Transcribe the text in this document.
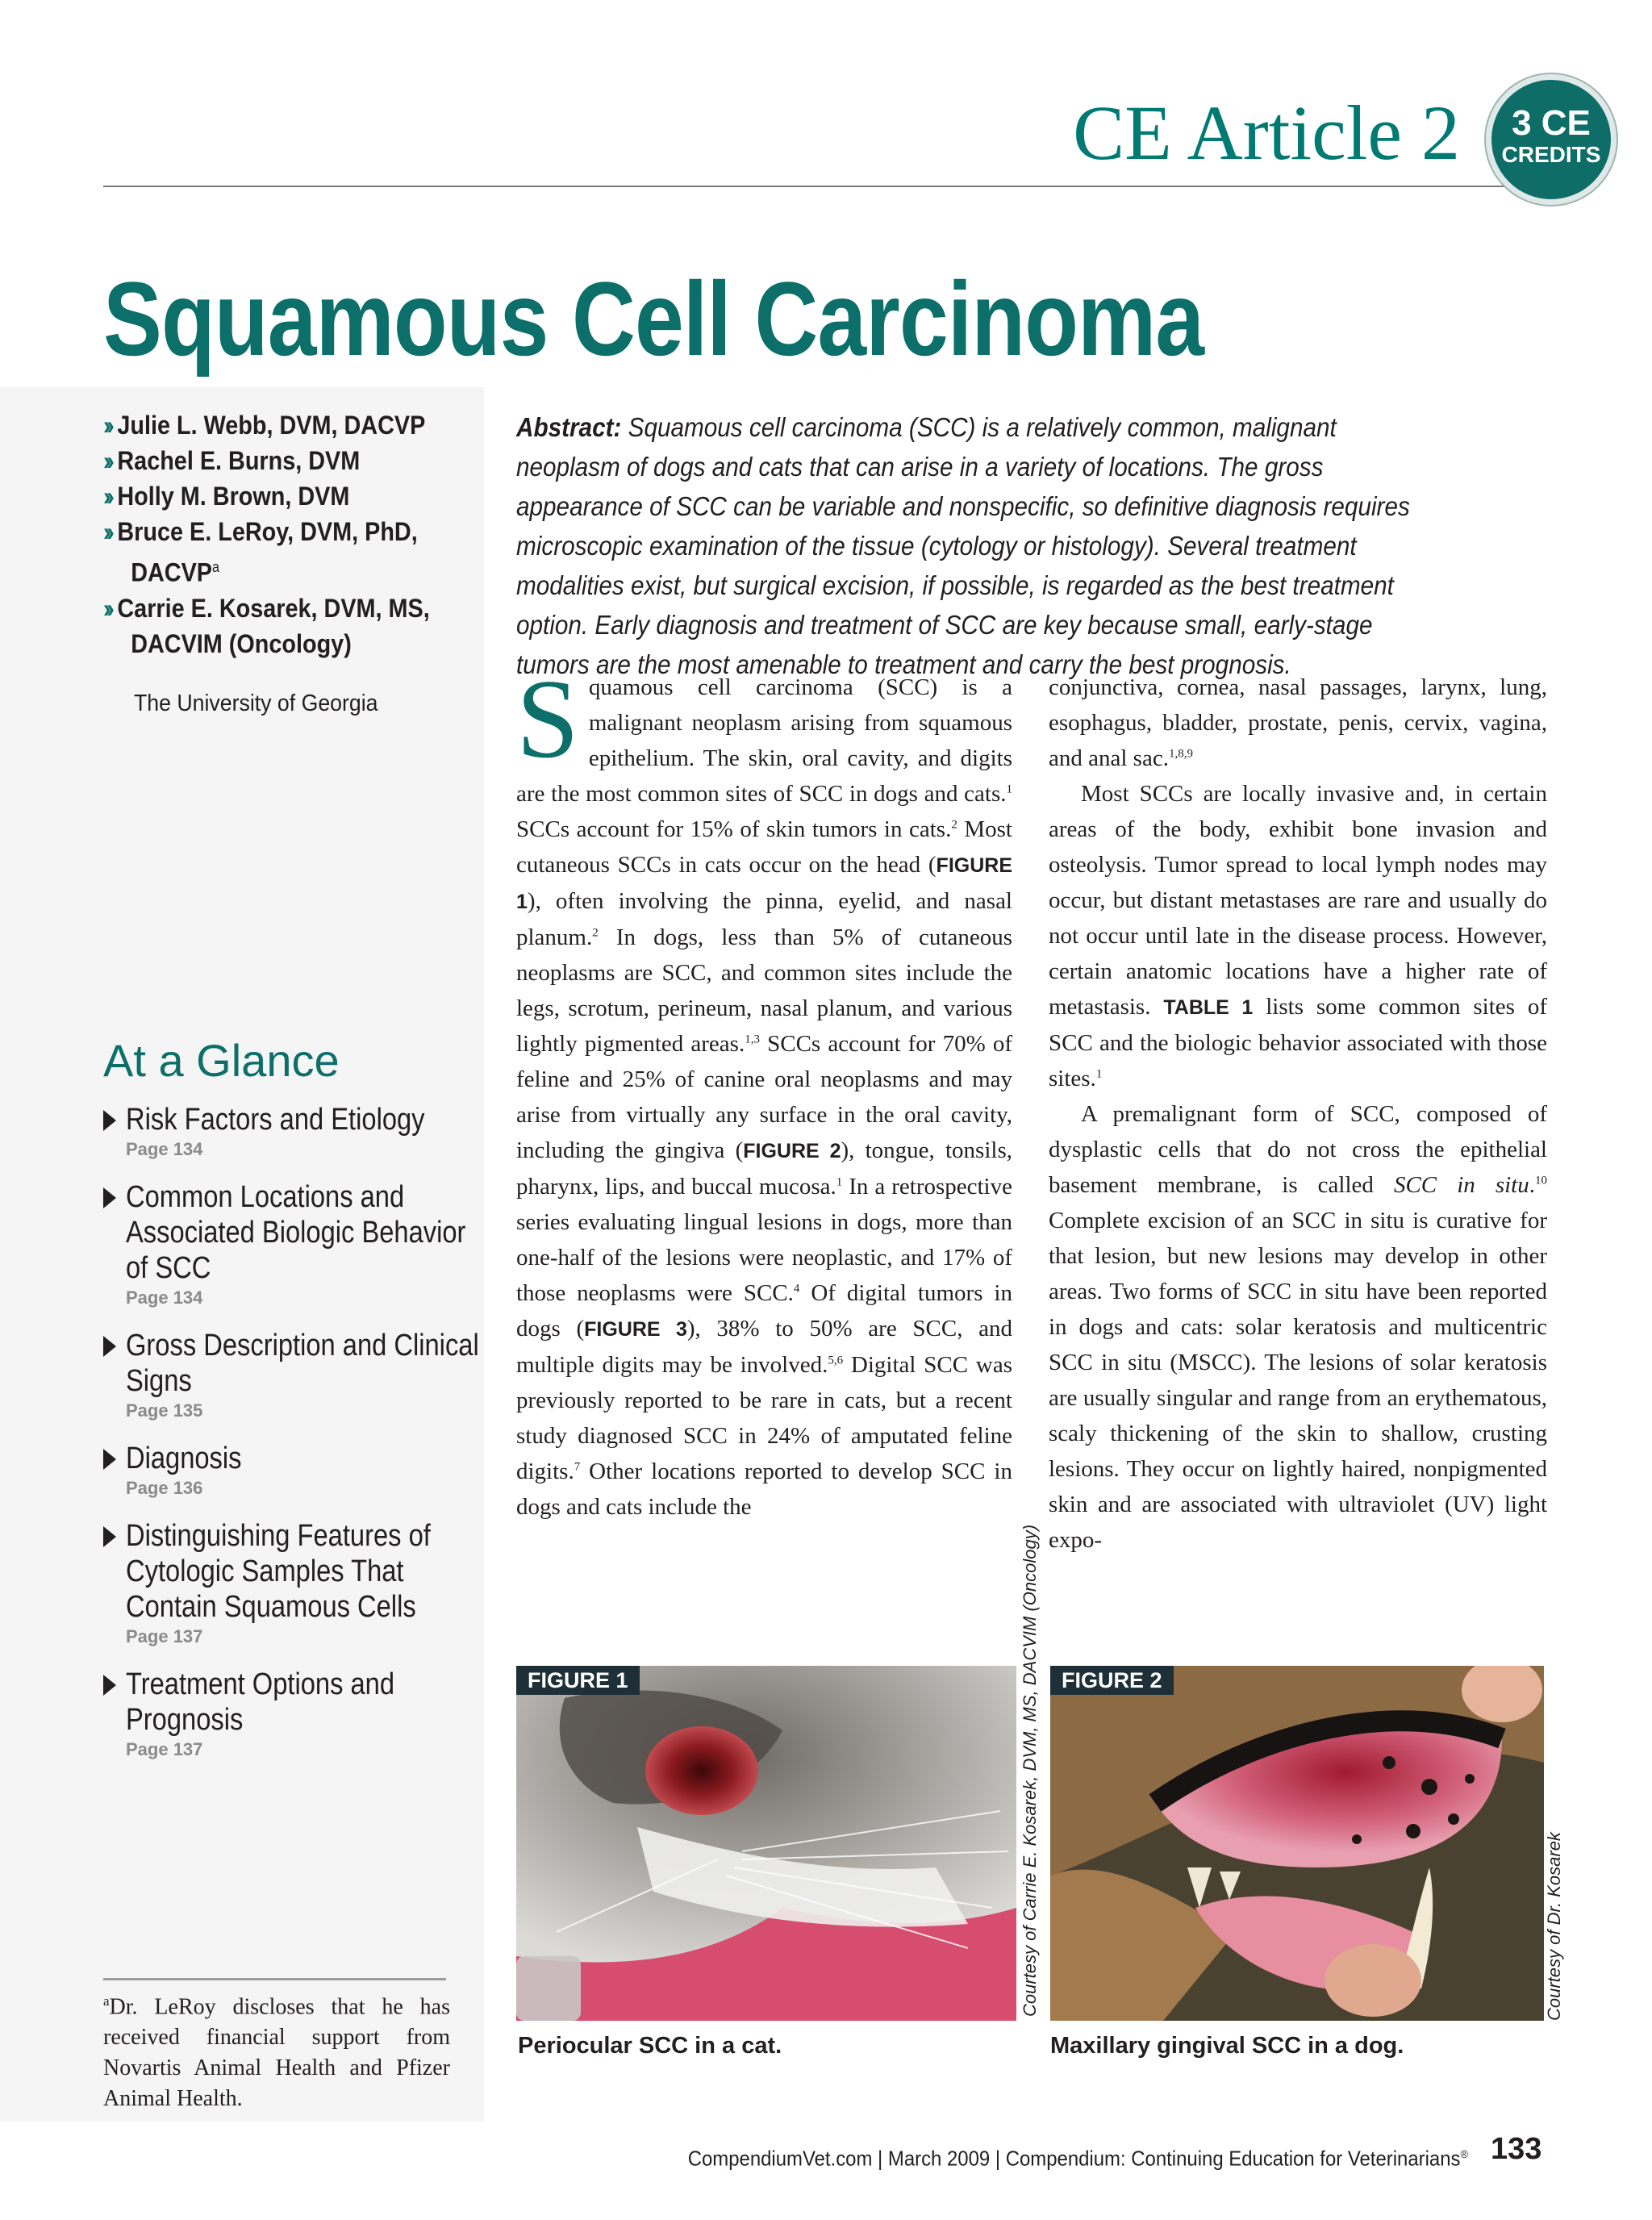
CE Article 2	3 CE
CREDITS
Squamous Cell Carcinoma
›› Julie L. Webb, DVM, DACVP
›› Rachel E. Burns, DVM
›› Holly M. Brown, DVM
›› Bruce E. LeRoy, DVM, PhD, DACVP$^a$
›› Carrie E. Kosarek, DVM, MS, DACVIM (Oncology)
The University of Georgia
At a Glance
Risk Factors and Etiology
Page 134
Common Locations and Associated Biologic Behavior of SCC
Page 134
Gross Description and Clinical Signs
Page 135
Diagnosis
Page 136
Distinguishing Features of Cytologic Samples That Contain Squamous Cells
Page 137
Treatment Options and Prognosis
Page 137
$^a$Dr. LeRoy discloses that he has received financial support from Novartis Animal Health and Pfizer Animal Health.
Abstract: Squamous cell carcinoma (SCC) is a relatively common, malignant neoplasm of dogs and cats that can arise in a variety of locations. The gross appearance of SCC can be variable and nonspecific, so definitive diagnosis requires microscopic examination of the tissue (cytology or histology). Several treatment modalities exist, but surgical excision, if possible, is regarded as the best treatment option. Early diagnosis and treatment of SCC are key because small, early-stage tumors are the most amenable to treatment and carry the best prognosis.
Squamous cell carcinoma (SCC) is a malignant neoplasm arising from squamous epithelium. The skin, oral cavity, and digits are the most common sites of SCC in dogs and cats.$^1$ SCCs account for 15% of skin tumors in cats.$^2$ Most cutaneous SCCs in cats occur on the head (FIGURE 1), often involving the pinna, eyelid, and nasal planum.$^2$ In dogs, less than 5% of cutaneous neoplasms are SCC, and common sites include the legs, scrotum, perineum, nasal planum, and various lightly pigmented areas.$^{1,3}$ SCCs account for 70% of feline and 25% of canine oral neoplasms and may arise from virtually any surface in the oral cavity, including the gingiva (FIGURE 2), tongue, tonsils, pharynx, lips, and buccal mucosa.$^1$ In a retrospective series evaluating lingual lesions in dogs, more than one-half of the lesions were neoplastic, and 17% of those neoplasms were SCC.$^4$ Of digital tumors in dogs (FIGURE 3), 38% to 50% are SCC, and multiple digits may be involved.$^{5,6}$ Digital SCC was previously reported to be rare in cats, but a recent study diagnosed SCC in 24% of amputated feline digits.$^7$ Other locations reported to develop SCC in dogs and cats include the

conjunctiva, cornea, nasal passages, larynx, lung, esophagus, bladder, prostate, penis, cervix, vagina, and anal sac.$^{1,8,9}$

Most SCCs are locally invasive and, in certain areas of the body, exhibit bone invasion and osteolysis. Tumor spread to local lymph nodes may occur, but distant metastases are rare and usually do not occur until late in the disease process. However, certain anatomic locations have a higher rate of metastasis. TABLE 1 lists some common sites of SCC and the biologic behavior associated with those sites.$^1$

A premalignant form of SCC, composed of dysplastic cells that do not cross the epithelial basement membrane, is called SCC in situ.$^{10}$ Complete excision of an SCC in situ is curative for that lesion, but new lesions may develop in other areas. Two forms of SCC in situ have been reported in dogs and cats: solar keratosis and multicentric SCC in situ (MSCC). The lesions of solar keratosis are usually singular and range from an erythematous, scaly thickening of the skin to shallow, crusting lesions. They occur on lightly haired, nonpigmented skin and are associated with ultraviolet (UV) light expo-

FIGURE 1	Courtesy of Carrie E. Kosarek, DVM, MS, DACVIM (Oncology)
Periocular SCC in a cat.
FIGURE 2
Courtesy of Dr. Kosarek
Maxillary gingival SCC in a dog.
CompendiumVet.com | March 2009 | Compendium: Continuing Education for Veterinarians® 133
